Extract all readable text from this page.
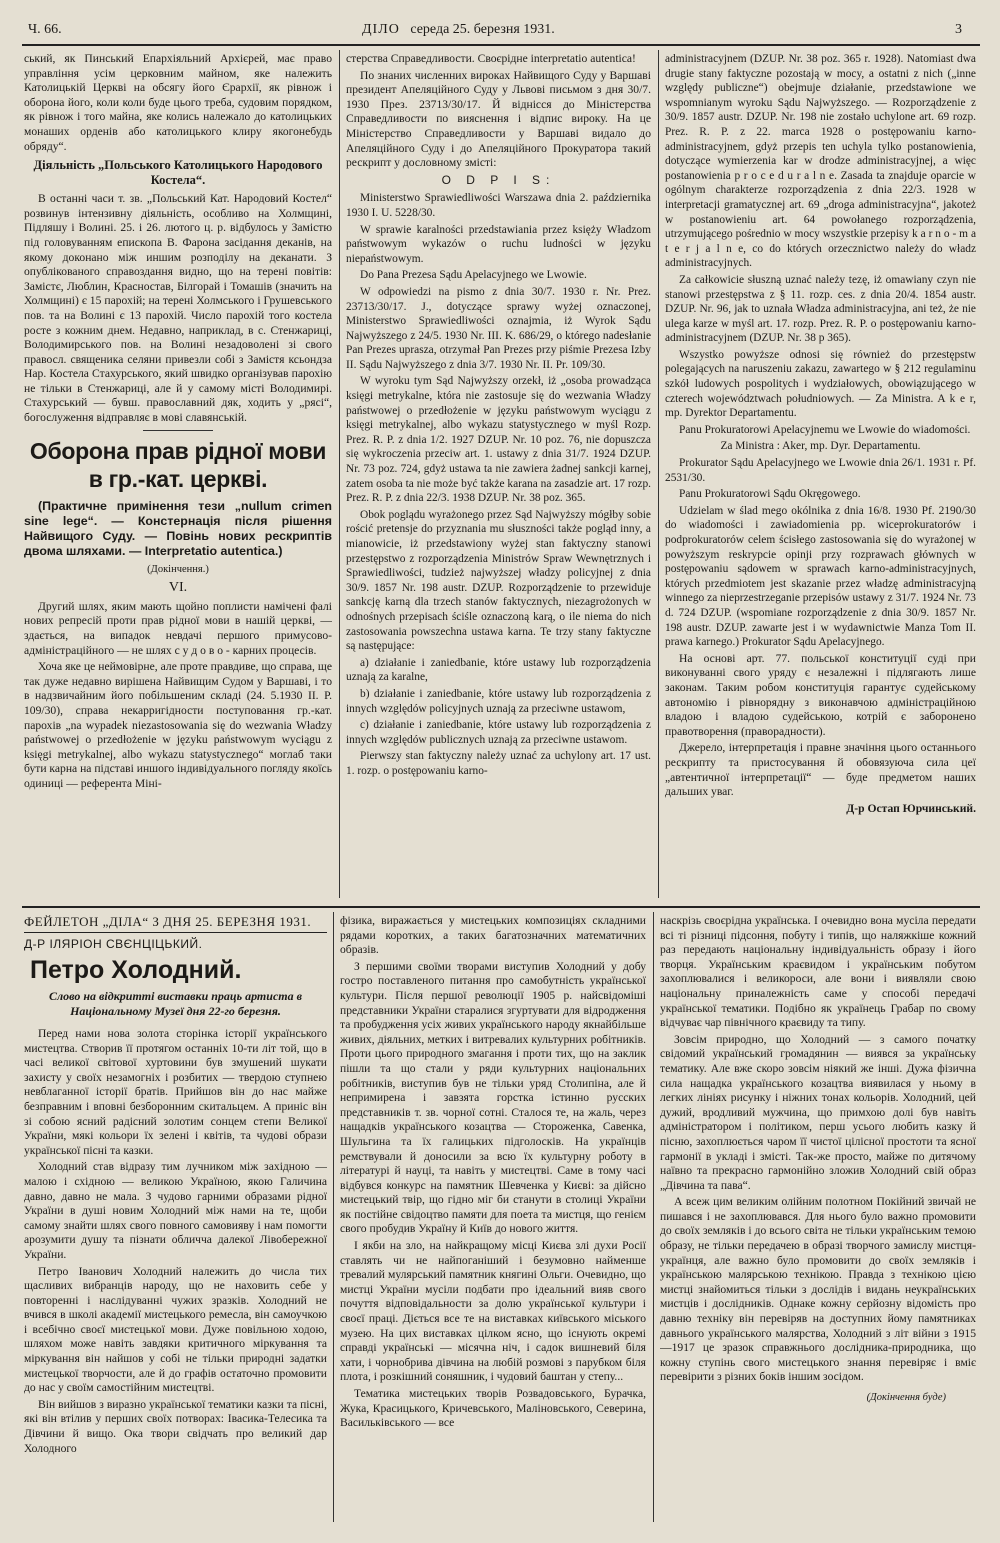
Ч. 66.	ДІЛО середа 25. березня 1931.	3

ський, як Пинський Епархіяльний Архієрей, має право управління усім церковним майном, яке належить Католицькій Церкві на обсягу його Єрархії, як рівнож і оборона його, коли коли буде цього треба, судовим порядком, як рівнож і того майна, яке колись належало до католицьких монаших орденів або католицького клиру якогонебудь обряду“.

Діяльність „Польського Католицького Народового Костела“.

В останні часи т. зв. „Польський Кат. Народовий Костел“ розвинув інтензивну діяльність, особливо на Холмщині, Підляшу і Волині. 25. і 26. лютого ц. р. відбулось у Замістю під головуванням епископа В. Фарона засідання деканів, на якому доконано між иншим розподілу на деканати. З опублікованого справоздання видно, що на терені повітів: Замістє, Люблин, Красностав, Білгорай і Томашів (значить на Холмщині) є 15 парохій; на терені Холмського і Грушевського пов. та на Волині є 13 парохій. Число парохій того костела росте з кожним днем. Недавно, наприклад, в с. Стенжариці, Володимирського пов. на Волині незадоволені зі свого правосл. священика селяни привезли собі з Замістя ксьондза Нар. Костела Стахурського, який швидко організував парохію не тільки в Стенжариці, але й у самому місті Володимирі. Стахурський — бувш. православний дяк, ходить у „рясі“, богослуження відправляє в мові славянській.

Оборона прав рідної мови в гр.-кат. церкві.

(Практичне примінення тези „nullum crimen sine lege“. — Констернація після рішення Найвищого Суду. — Повінь нових рескриптів двома шляхами. — Interpretatio autentica.)

(Докінчення.)

VI.

Другий шлях, яким мають щойно поплисти намічені фалі нових репресій проти прав рідної мови в нашій церкві, — здається, на випадок невдачі першого примусово-адміністраційного — не шлях с у д о в о - карних процесів.

Хоча яке це неймовірне, але проте правдиве, що справа, ще так дуже недавно вирішена Найвищим Судом у Варшаві, і то в надзвичайним його побільшеним складі (24. 5.1930 II. Р. 109/30), справа некарригідности поступовання гр.-кат. парохів „na wypadek niezastosowania się do wezwania Władzy państwowej o przedłożenie w języku państwowym wyciągu z księgi metrykalnej, albo wykazu statystycznego“ моглаб таки бути карна на підставі иншого індивідуального погляду якоїсь одиниці — референта Міні-

стерства Справедливости. Своєрідне interpretatio autentica!

По знаних численних вироках Найвищого Суду у Варшаві президент Апеляційного Суду у Львові письмом з дня 30/7. 1930 През. 23713/30/17. Й віднісся до Міністерства Справедливости по вияснення і відпис вироку. На це Міністерство Справедливости у Варшаві видало до Апеляційного Суду і до Апеляційного Прокуратора такий рескрипт у дословному змісті:

O D P I S:

Ministerstwo Sprawiedliwości Warszawa dnia 2. października 1930 I. U. 5228/30.

W sprawie karalności przedstawiania przez księży Władzom państwowym wykazów o ruchu ludności w języku niepaństwowym.

Do Pana Prezesa Sądu Apelacyjnego we Lwowie.

W odpowiedzi na pismo z dnia 30/7. 1930 r. Nr. Prez. 23713/30/17. J., dotyczące sprawy wyżej oznaczonej, Ministerstwo Sprawiedliwości oznajmia, iż Wyrok Sądu Najwyższego z 24/5. 1930 Nr. III. K. 686/29, o którego nadesłanie Pan Prezes uprasza, otrzymał Pan Prezes przy piśmie Prezesa Izby II. Sądu Najwyższego z dnia 3/7. 1930 Nr. II. Pr. 109/30.

W wyroku tym Sąd Najwyższy orzekł, iż „osoba prowadząca księgi metrykalne, która nie zastosuje się do wezwania Władzy państwowej o przedłożenie w języku państwowym wyciągu z księgi metrykalnej, albo wykazu statystycznego w myśl Rozp. Prez. R. P. z dnia 1/2. 1927 DZUP. Nr. 10 poz. 76, nie dopuszcza się wykroczenia przeciw art. 1. ustawy z dnia 31/7. 1924 DZUP. Nr. 73 poz. 724, gdyż ustawa ta nie zawiera żadnej sankcji karnej, zatem osoba ta nie może być także karana na zasadzie art. 17 rozp. Prez. R. P. z dnia 22/3. 1938 DZUP. Nr. 38 poz. 365.

Obok poglądu wyrażonego przez Sąd Najwyższy mógłby sobie rościć pretensje do przyznania mu słuszności także pogląd inny, a mianowicie, iż przedstawiony wyżej stan faktyczny stanowi przestępstwo z rozporządzenia Ministrów Spraw Wewnętrznych i Sprawiedliwości, tudzież najwyższej władzy policyjnej z dnia 30/9. 1857 Nr. 198 austr. DZUP. Rozporządzenie to przewiduje sankcję karną dla trzech stanów faktycznych, niezagrożonych w odnośnych przepisach ściśle oznaczoną karą, o ile niema do nich zastosowania powszechna ustawa karna. Te trzy stany faktyczne są następujące:

a) działanie i zaniedbanie, które ustawy lub rozporządzenia uznają za karalne,

b) działanie i zaniedbanie, które ustawy lub rozporządzenia z innych względów policyjnych uznają za przeciwne ustawom,

c) działanie i zaniedbanie, które ustawy lub rozporządzenia z innych względów publicznych uznają za przeciwne ustawom.

Pierwszy stan faktyczny należy uznać za uchylony art. 17 ust. 1. rozp. o postępowaniu karno-

administracyjnem (DZUP. Nr. 38 poz. 365 r. 1928). Natomiast dwa drugie stany faktyczne pozostają w mocy, a ostatni z nich („inne względy publiczne“) obejmuje działanie, przedstawione we wspomnianym wyroku Sądu Najwyższego. — Rozporządzenie z 30/9. 1857 austr. DZUP. Nr. 198 nie zostało uchylone art. 69 rozp. Prez. R. P. z 22. marca 1928 o postępowaniu karno-administracyjnem, gdyż przepis ten uchyla tylko postanowienia, dotyczące wymierzenia kar w drodze administracyjnej, a więc postanowienia p r o c e d u r a l n e. Zasada ta znajduje oparcie w ogólnym charakterze rozporządzenia z dnia 22/3. 1928 w interpretacji gramatycznej art. 69 „droga administracyjna“, jakoteż w postanowieniu art. 64 powołanego rozporządzenia, utrzymującego pośrednio w mocy wszystkie przepisy k a r n o - m a t e r j a l n e, co do których orzecznictwo należy do władz administracyjnych.

Za całkowicie słuszną uznać należy tezę, iż omawiany czyn nie stanowi przestępstwa z § 11. rozp. ces. z dnia 20/4. 1854 austr. DZUP. Nr. 96, jak to uznała Władza administracyjna, ani też, że nie ulega karze w myśl art. 17. rozp. Prez. R. P. o postępowaniu karno-administracyjnem (DZUP. Nr. 38 p 365).

Wszystko powyższe odnosi się również do przestępstw polegających na naruszeniu zakazu, zawartego w § 212 regulaminu szkół ludowych pospolitych i wydziałowych, obowiązującego w czterech województwach południowych. — Za Ministra. A k e r, mp. Dyrektor Departamentu.

Panu Prokuratorowi Apelacyjnemu we Lwowie do wiadomości.

Za Ministra : Aker, mp. Dyr. Departamentu.

Prokurator Sądu Apelacyjnego we Lwowie dnia 26/1. 1931 r. Pf. 2531/30.

Panu Prokuratorowi Sądu Okręgowego.

Udzielam w ślad mego okólnika z dnia 16/8. 1930 Pf. 2190/30 do wiadomości i zawiadomienia pp. wiceprokuratorów i podprokuratorów celem ścisłego zastosowania się do wyrażonej w powyższym reskrypcie opinji przy rozprawach głównych w postępowaniu sądowem w sprawach karno-administracyjnych, których przedmiotem jest skazanie przez władzę administracyjną winnego za nieprzestrzeganie przepisów ustawy z 31/7. 1924 Nr. 73 d. 724 DZUP. (wspomiane rozporządzenie z dnia 30/9. 1857 Nr. 198 austr. DZUP. zawarte jest i w wydawnictwie Manza Tom II. prawa karnego.) Prokurator Sądu Apelacyjnego.

На основі арт. 77. польської конституції суді при виконуванні свого уряду є незалежні і підлягають лише законам. Таким робом конституція гарантує судейському автономію і рівнорядну з виконавчою адміністраційною владою і владою судейською, котрій є заборонено правотворення (праворадности).

Джерело, інтерпретація і правне значіння цього останнього рескрипту та пристосування й обовязуюча сила цеї „автентичної інтерпретації“ — буде предметом наших дальших уваг.

Д-р Остап Юрчинський.

ФЕЙЛЕТОН „ДІЛА“ З ДНЯ 25. БЕРЕЗНЯ 1931.
Д-Р ІЛЯРІОН СВЄНЦІЦЬКИЙ.
Петро Холодний.
Слово на відкритті виставки праць артиста в Національному Музеї дня 22-го березня.

Перед нами нова золота сторінка історії українського мистецтва. Створив її протягом останніх 10-ти літ той, що в часі великої світової хуртовини був змушений шукати захисту у своїх незамогніх і розбитих — твердою ступнею невблаганної історії братів. Прийшов він до нас майже безправним і вповні безборонним скитальцем. А приніс він зі собою ясний радісний золотим сонцем степи Великої України, мякі кольори їх зелені і квітів, та чудові образи української пісні та казки.

Холодний став відразу тим лучником між західною — малою і східною — великою Україною, якою Галичина давно, давно не мала. З чудово гарними образами рідної України в душі новим Холодний між нами на те, щоби самому знайти шлях свого повного самовияву і нам помогти арозумити душу та пізнати обличча далекої Лівобережної України.

Петро Іванович Холодний належить до числа тих щасливих вибранців народу, що не наховить себе у повторенні і наслідуванні чужих зразків. Холодний не вчився в школі академії мистецького ремесла, він самоучкою і всебічно своєї мистецької мови. Дуже повільною ходою, шляхом може навіть завдяки критичного міркування та міркування він найшов у собі не тільки природні задатки мистецької творчости, але й до графів остаточно промовити до нас у своїм самостійним мистецтві.

Він вийшов з виразно української тематики казки та пісні, які він втілив у перших своїх потворах: Івасика-Телесика та Дівчини й вищо. Ока твори свідчать про великий дар Холодного

фізика, виражається у мистецьких композиціях складними рядами коротких, а таких багатозначних математичних образів.

З першими своїми творами виступив Холодний у добу гостро поставленого питання про самобутність української культури. Після першої революції 1905 р. найсвідоміші представники України старалися згуртувати для відродження та пробудження усіх живих українського народу якнайбільше живих, діяльних, метких і витревалих культурних робітників. Проти цього природного змагання і проти тих, що на заклик пішли та що стали у ряди культурних національних робітників, виступив був не тільки уряд Столипіна, але й непримирена і завзята горстка істинно русских представників т. зв. чорної сотні. Сталося те, на жаль, через нащадків українського козацтва — Стороженка, Савенка, Шульгина та їх галицьких підголосків. На українців ремствували й доносили за всю їх культурну роботу в літературі й науці, та навіть у мистецтві. Саме в тому часі відбувся конкурс на памятник Шевченка у Києві: за дійсно мистецький твір, що гідно міг би станути в столиці України як постійне свідоцтво памяти для поета та мистця, що генієм свого пробудив Україну й Київ до нового життя.

І якби на зло, на найкращому місці Києва злі духи Росії ставлять чи не найпоганіший і безумовно найменше тревалий мулярський памятник княгині Ольги. Очевидно, що мистці України мусіли подбати про ідеальний вияв свого почуття відповідальности за долю української культури і своєї праці. Діється все те на виставках київського міського музею. На цих виставках цілком ясно, що існують окремі справді українські — місячна ніч, і садок вишневий біля хати, і чорнобрива дівчина на любій розмові з парубком біля плота, і розкішний соняшник, і чудовий баштан у степу...

Тематика мистецьких творів Розвадовського, Бурачка, Жука, Красицького, Кричевського, Маліновського, Северина, Васильківського — все

наскрізь своєрідна українська. І очевидно вона мусіла передати всі ті різниці підсоння, побуту і типів, що наляжкіше кожний раз передають національну індивідуальність образу і його творця. Українським краєвидом і українським побутом захоплювалися і великороси, але вони і виявляли свою національну приналежність саме у способі передачі української тематики. Подібно як українець Грабар по свому відчуває чар північного краєвиду та типу.

Зовсім природно, що Холодний — з самого початку свідомий український громадянин — виявся за українську тематику. Але вже скоро зовсім ніякий же інші. Дужа фізична сила нащадка українського козацтва виявилася у ньому в легких лініях рисунку і ніжних тонах кольорів. Холодний, цей дужий, вродливий мужчина, що примхою долі був навіть адміністратором і політиком, перш усього любить казку й пісню, захоплюється чаром її чистої цілісної простоти та ясної гармонії в укладі і змісті. Так-же просто, майже по дитячому наївно та прекрасно гармонійно зложив Холодний свій образ „Дівчина та пава“.

А всеж цим великим олійним полотном Покійний звичай не пишався і не захоплювався. Для нього було важно промовити до своїх земляків і до всього світа не тільки українським темою образу, не тільки передачею в образі творчого замислу мистця-українця, але важно було промовити до своїх земляків і українською малярською технікою. Правда з технікою цією мистці знайомиться тільки з дослідів і видань неукраїнських мистців і дослідників. Однаке кожну серйозну відомість про давню техніку він перевіряв на доступних йому памятниках давнього українського малярства, Холодний з літ війни з 1915—1917 це зразок справжнього дослідника-природника, що кожну ступінь свого мистецького знання перевіряє і вміє перевірити з різних боків іншим зосідом.

(Докінчення буде)
